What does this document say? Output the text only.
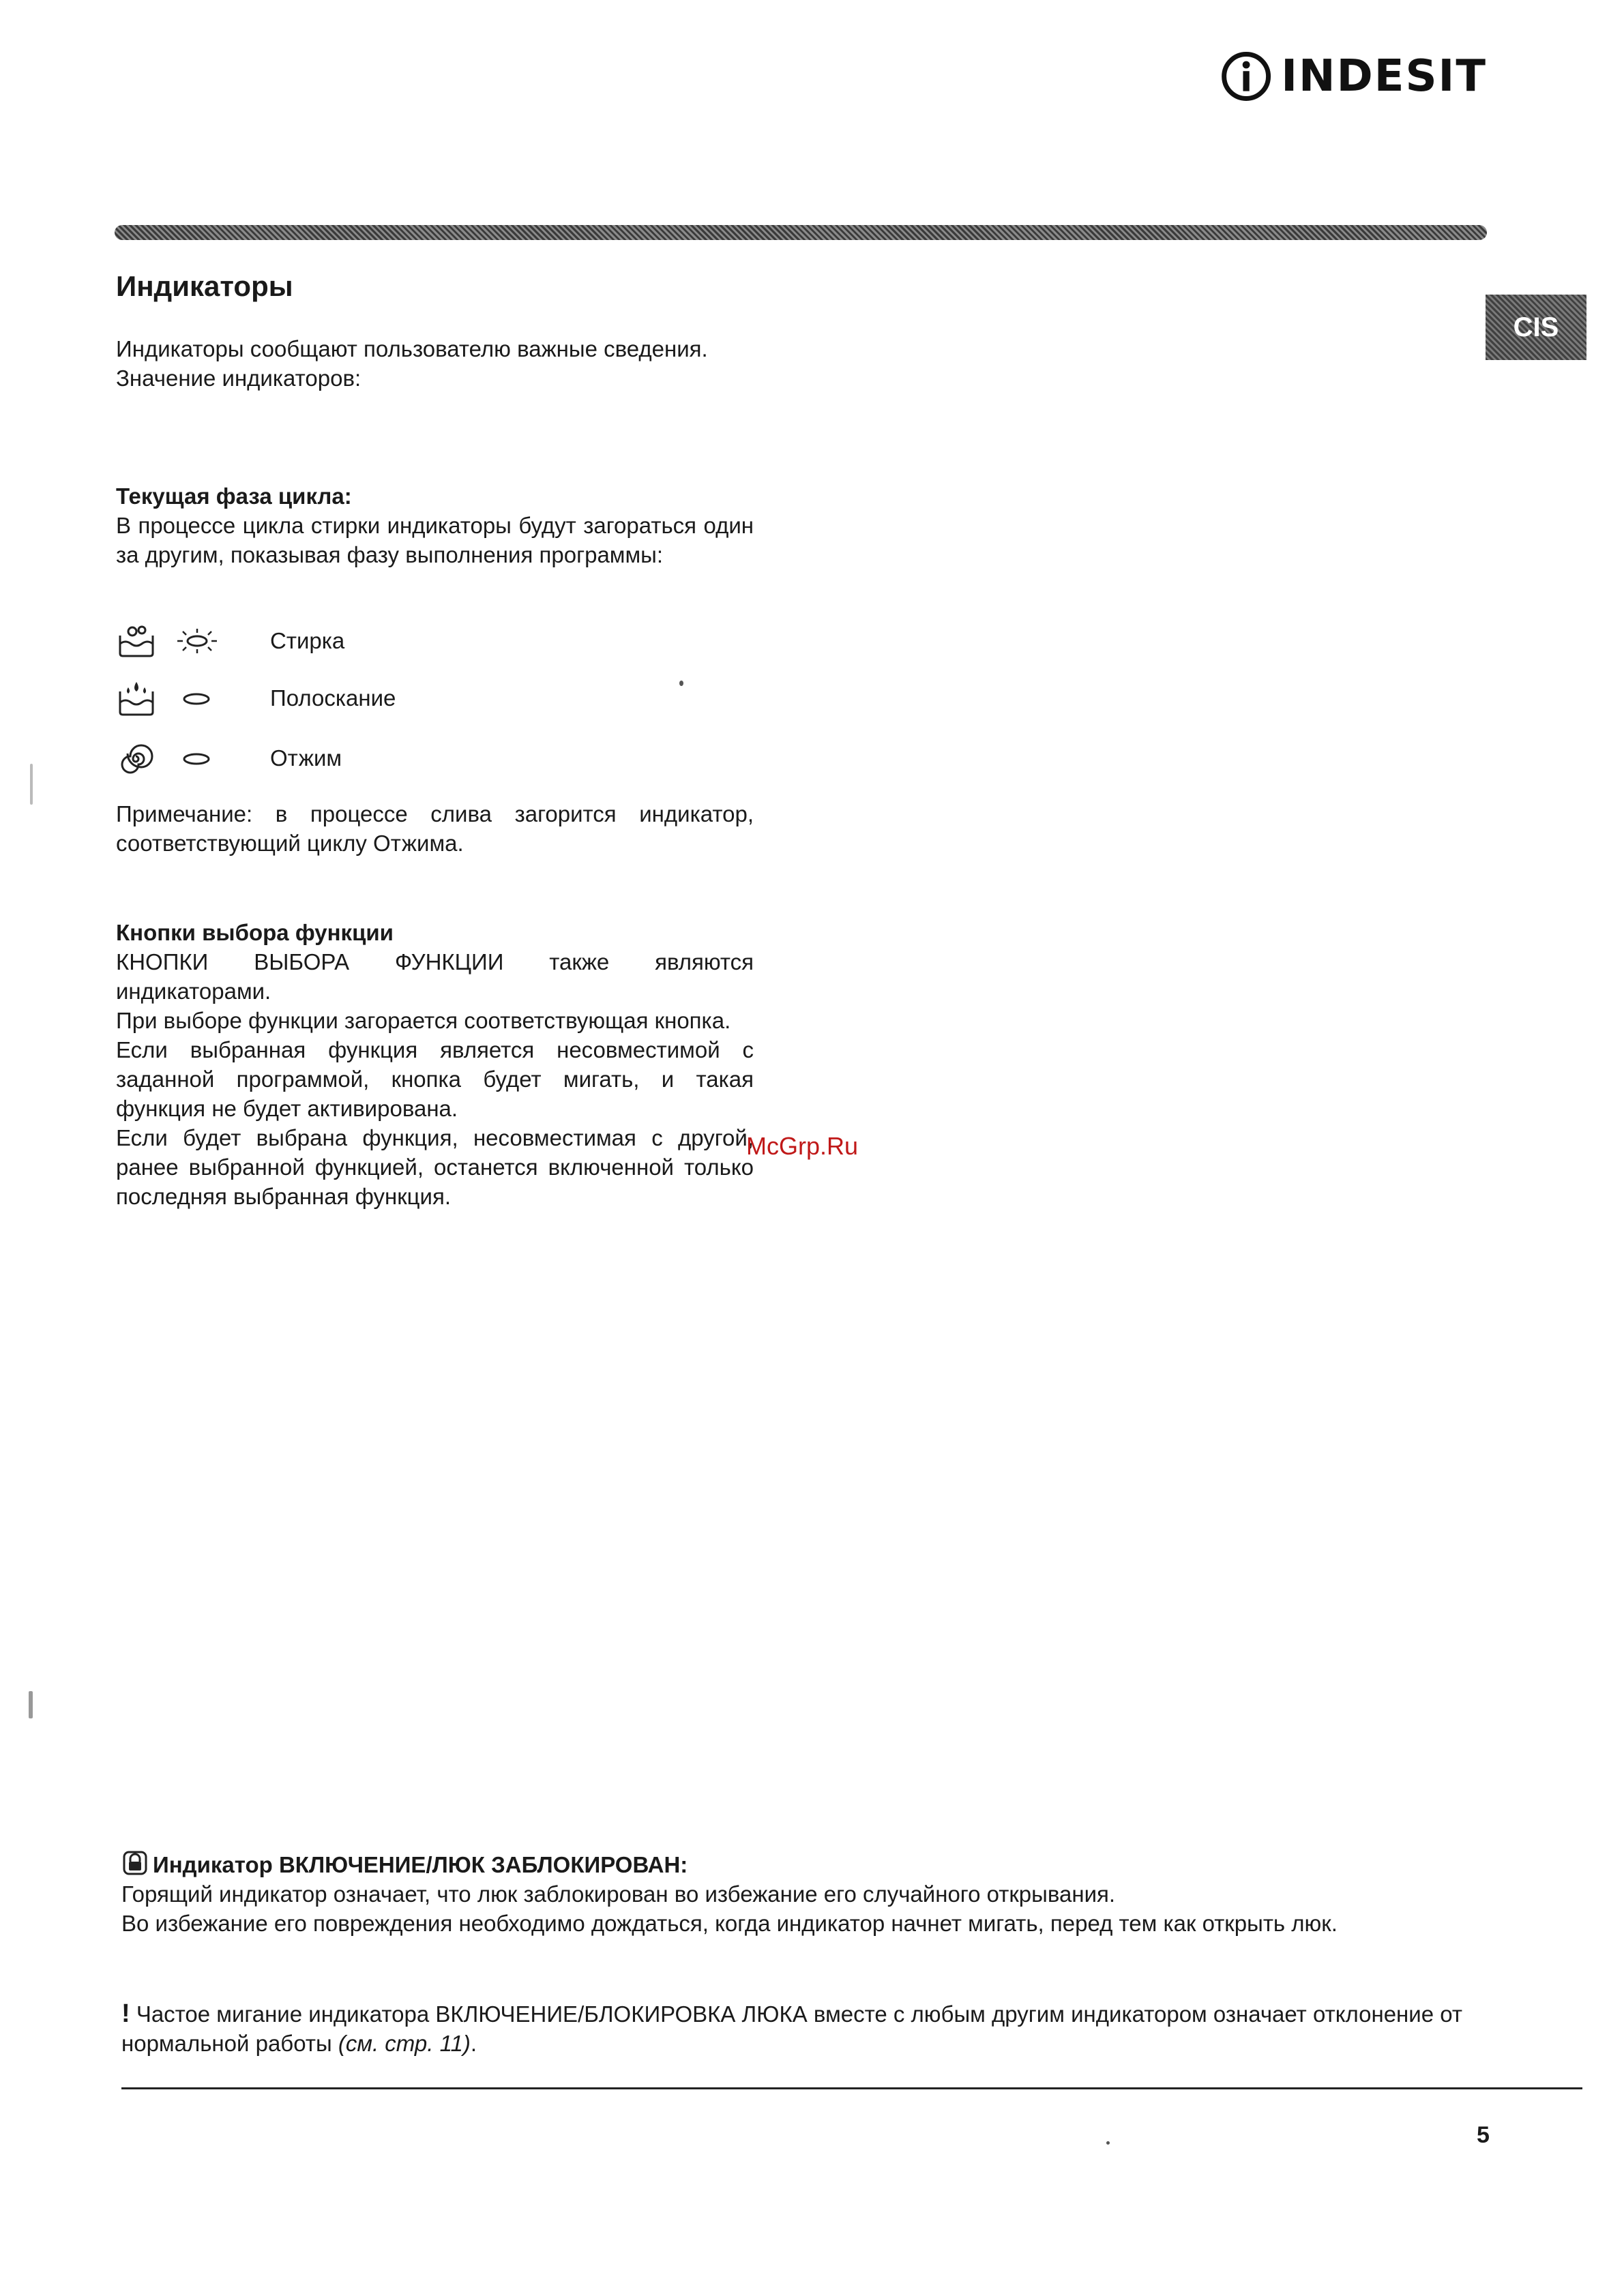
INDESIT
CIS
Индикаторы

Индикаторы сообщают пользователю важные сведения.

Значение индикаторов:

Текущая фаза цикла:

В процессе цикла стирки индикаторы будут загораться один за другим, показывая фазу выполнения программы:

Стирка
Полоскание
Отжим

Примечание: в процессе слива загорится индикатор, соответствующий циклу Отжима.

Кнопки выбора функции

КНОПКИ ВЫБОРА ФУНКЦИИ также являются индикаторами.

При выборе функции загорается соответствующая кнопка.

Если выбранная функция является несовместимой с заданной программой, кнопка будет мигать, и такая функция не будет активирована.

Если будет выбрана функция, несовместимая с другой, ранее выбранной функцией, останется включенной только последняя выбранная функция.

McGrp.Ru

Индикатор ВКЛЮЧЕНИЕ/ЛЮК ЗАБЛОКИРОВАН:

Горящий индикатор означает, что люк заблокирован во избежание его случайного открывания.

Во избежание его повреждения необходимо дождаться, когда индикатор начнет мигать, перед тем как открыть люк.

! Частое мигание индикатора ВКЛЮЧЕНИЕ/БЛОКИРОВКА ЛЮКА вместе с любым другим индикатором означает отклонение от нормальной работы (см. стр. 11).

5
